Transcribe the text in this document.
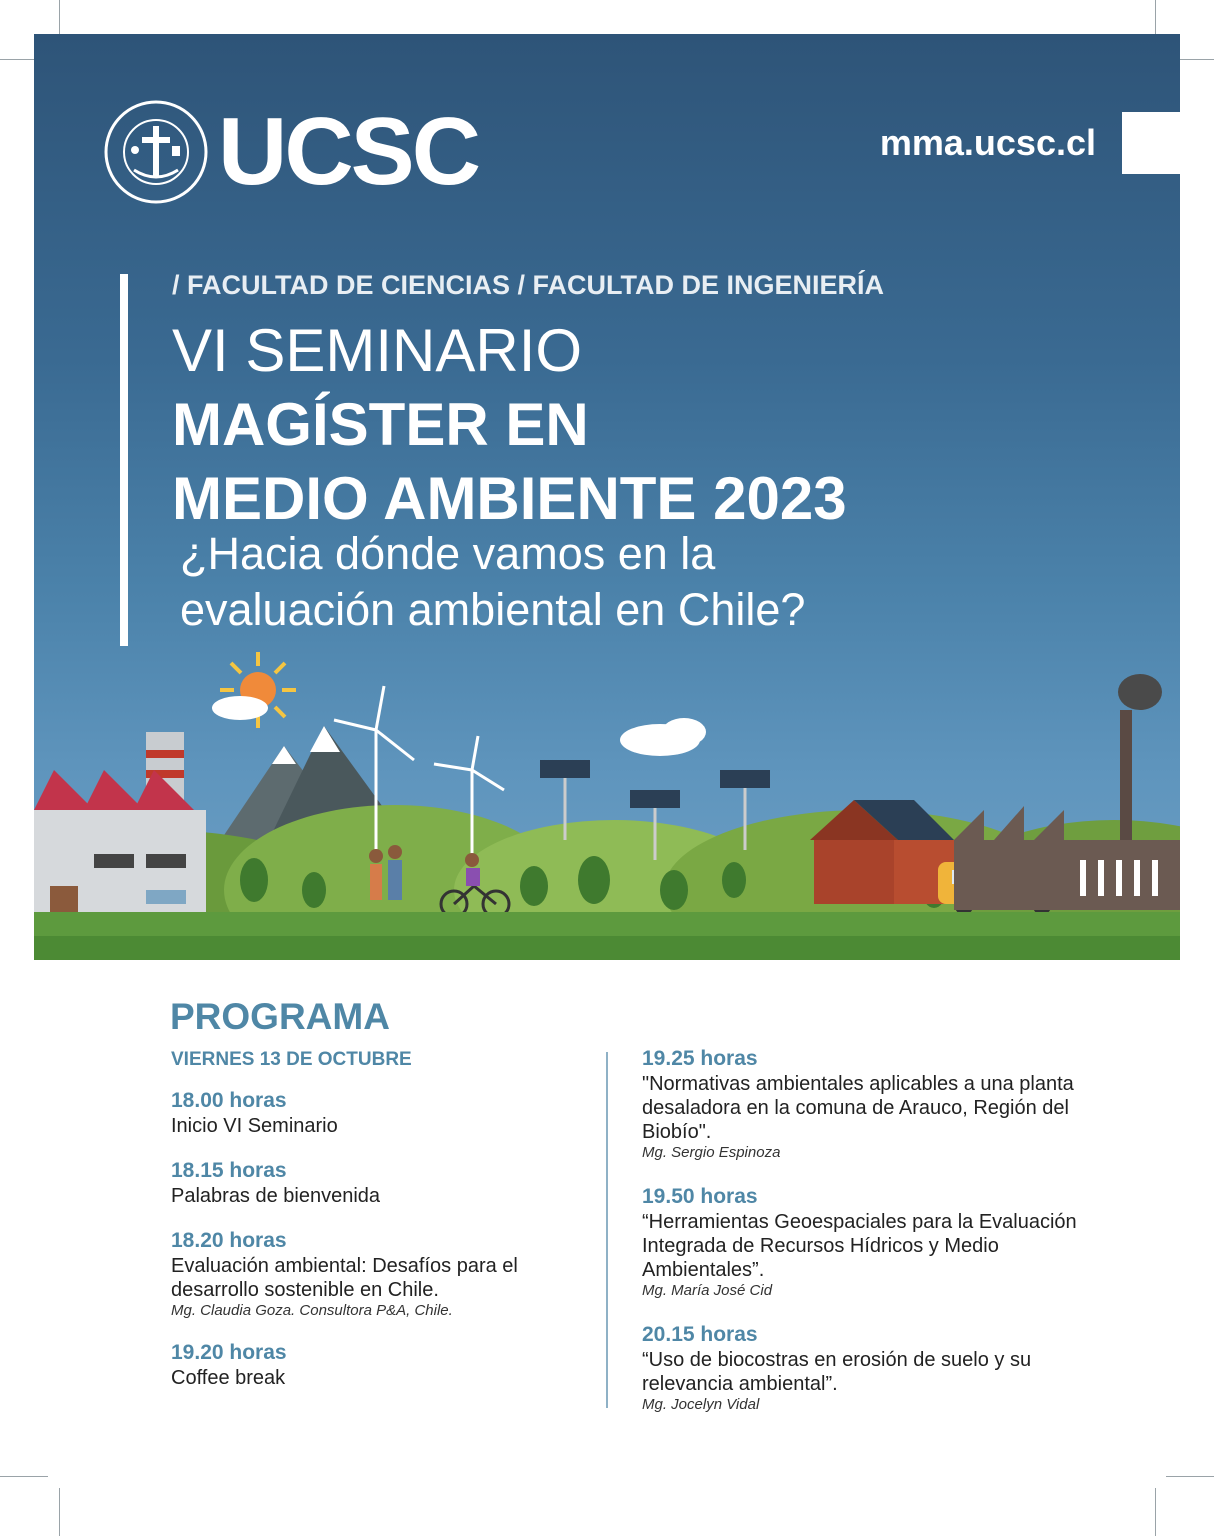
UCSC	mma.ucsc.cl
/ FACULTAD DE CIENCIAS / FACULTAD DE INGENIERÍA
VI SEMINARIO
MAGÍSTER EN
MEDIO AMBIENTE 2023
¿Hacia dónde vamos en la
evaluación ambiental en Chile?
PROGRAMA
VIERNES 13 DE OCTUBRE
18.00 horas
Inicio VI Seminario
18.15 horas
Palabras de bienvenida
18.20 horas
Evaluación ambiental: Desafíos para el desarrollo sostenible en Chile.
Mg. Claudia Goza. Consultora P&A, Chile.
19.20 horas
Coffee break
19.25 horas
"Normativas ambientales aplicables a una planta desaladora en la comuna de Arauco, Región del Biobío".
Mg. Sergio Espinoza
19.50 horas
“Herramientas Geoespaciales para la Evaluación Integrada de Recursos Hídricos y Medio Ambientales”.
Mg. María José Cid
20.15 horas
“Uso de biocostras en erosión de suelo y su relevancia ambiental”.
Mg. Jocelyn Vidal
